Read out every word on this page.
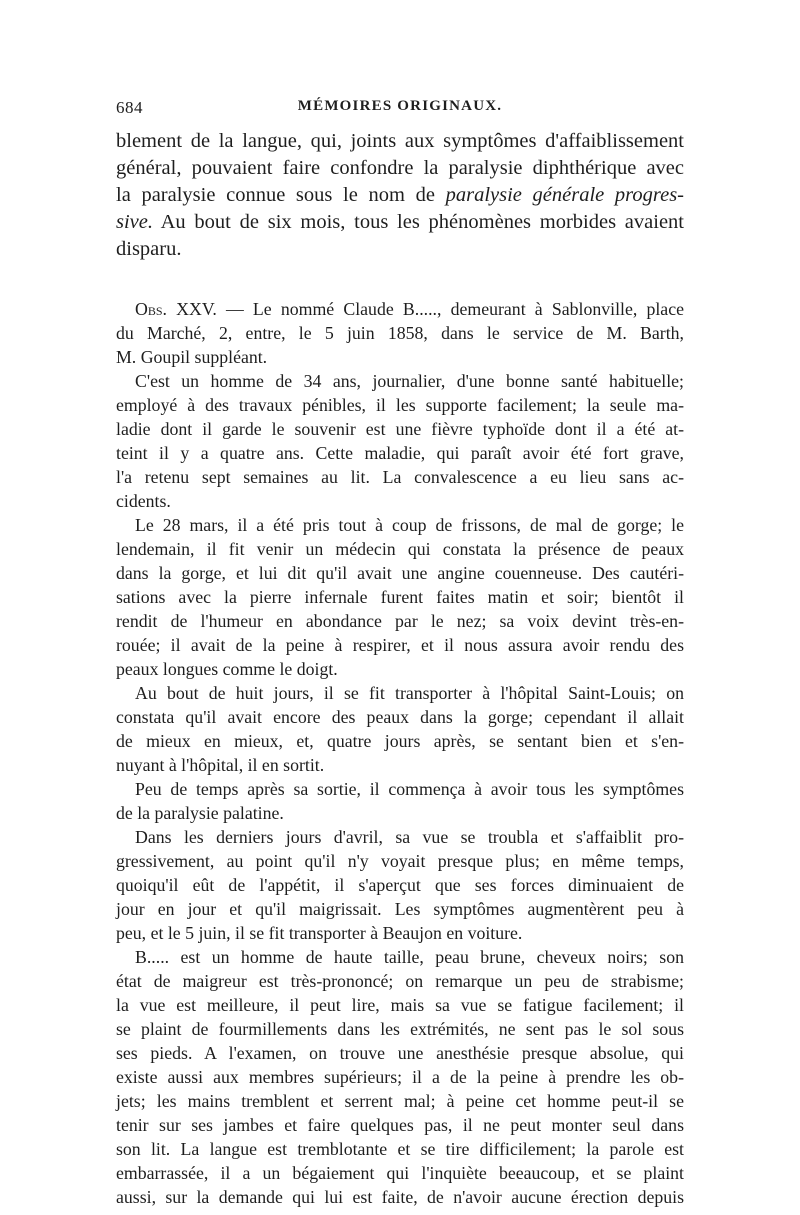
684	MÉMOIRES ORIGINAUX.
blement de la langue, qui, joints aux symptômes d'affaiblissement
général, pouvaient faire confondre la paralysie diphthérique avec
la paralysie connue sous le nom de paralysie générale progres-
sive. Au bout de six mois, tous les phénomènes morbides avaient
disparu.

Obs. XXV. — Le nommé Claude B....., demeurant à Sablonville, place
du Marché, 2, entre, le 5 juin 1858, dans le service de M. Barth,
M. Goupil suppléant.

C'est un homme de 34 ans, journalier, d'une bonne santé habituelle;
employé à des travaux pénibles, il les supporte facilement; la seule ma-
ladie dont il garde le souvenir est une fièvre typhoïde dont il a été at-
teint il y a quatre ans. Cette maladie, qui paraît avoir été fort grave,
l'a retenu sept semaines au lit. La convalescence a eu lieu sans ac-
cidents.

Le 28 mars, il a été pris tout à coup de frissons, de mal de gorge; le
lendemain, il fit venir un médecin qui constata la présence de peaux
dans la gorge, et lui dit qu'il avait une angine couenneuse. Des cautéri-
sations avec la pierre infernale furent faites matin et soir; bientôt il
rendit de l'humeur en abondance par le nez; sa voix devint très-en-
rouée; il avait de la peine à respirer, et il nous assura avoir rendu des
peaux longues comme le doigt.

Au bout de huit jours, il se fit transporter à l'hôpital Saint-Louis; on
constata qu'il avait encore des peaux dans la gorge; cependant il allait
de mieux en mieux, et, quatre jours après, se sentant bien et s'en-
nuyant à l'hôpital, il en sortit.

Peu de temps après sa sortie, il commença à avoir tous les symptômes
de la paralysie palatine.

Dans les derniers jours d'avril, sa vue se troubla et s'affaiblit pro-
gressivement, au point qu'il n'y voyait presque plus; en même temps,
quoiqu'il eût de l'appétit, il s'aperçut que ses forces diminuaient de
jour en jour et qu'il maigrissait. Les symptômes augmentèrent peu à
peu, et le 5 juin, il se fit transporter à Beaujon en voiture.

B..... est un homme de haute taille, peau brune, cheveux noirs; son
état de maigreur est très-prononcé; on remarque un peu de strabisme;
la vue est meilleure, il peut lire, mais sa vue se fatigue facilement; il
se plaint de fourmillements dans les extrémités, ne sent pas le sol sous
ses pieds. A l'examen, on trouve une anesthésie presque absolue, qui
existe aussi aux membres supérieurs; il a de la peine à prendre les ob-
jets; les mains tremblent et serrent mal; à peine cet homme peut-il se
tenir sur ses jambes et faire quelques pas, il ne peut monter seul dans
son lit. La langue est tremblotante et se tire difficilement; la parole est
embarrassée, il a un bégaiement qui l'inquiète beeaucoup, et se plaint
aussi, sur la demande qui lui est faite, de n'avoir aucune érection depuis
